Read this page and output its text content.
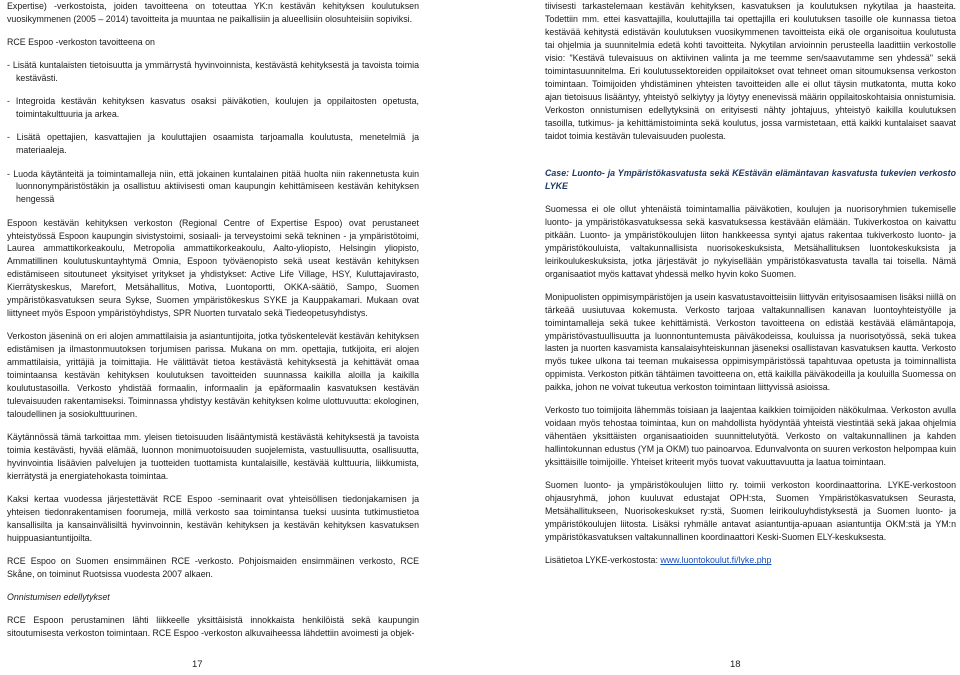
Expertise) -verkostoista, joiden tavoitteena on toteuttaa YK:n kestävän kehityksen koulutuksen vuosikymmenen (2005 – 2014) tavoitteita ja muuntaa ne paikallisiin ja alueellisiin olosuhteisiin sopiviksi.

RCE Espoo -verkoston tavoitteena on

- Lisätä kuntalaisten tietoisuutta ja ymmärrystä hyvinvoinnista, kestävästä kehityksestä ja tavoista toimia kestävästi.

- Integroida kestävän kehityksen kasvatus osaksi päiväkotien, koulujen ja oppilaitosten opetusta, toimintakulttuuria ja arkea.

- Lisätä opettajien, kasvattajien ja kouluttajien osaamista tarjoamalla koulutusta, menetelmiä ja materiaaleja.

- Luoda käytänteitä ja toimintamalleja niin, että jokainen kuntalainen pitää huolta niin rakennetusta kuin luonnonympäristöstäkin ja osallistuu aktiivisesti oman kaupungin kehittämiseen kestävän kehityksen hengessä

Espoon kestävän kehityksen verkoston (Regional Centre of Expertise Espoo) ovat perustaneet yhteistyössä Espoon kaupungin sivistystoimi, sosiaali- ja terveystoimi sekä tekninen - ja ympäristötoimi, Laurea ammattikorkeakoulu, Metropolia ammattikorkeakoulu, Aalto-yliopisto, Helsingin yliopisto, Ammatillinen koulutuskuntayhtymä Omnia, Espoon työväenopisto sekä useat kestävän kehityksen edistämiseen sitoutuneet yksityiset yritykset ja yhdistykset: Active Life Village, HSY, Kuluttajavirasto, Kierrätyskeskus, Marefort, Metsähallitus, Motiva, Luontoportti, OKKA-säätiö, Sampo, Suomen ympäristökasvatuksen seura Sykse, Suomen ympäristökeskus SYKE ja Kauppakamari. Mukaan ovat liittyneet myös Espoon ympäristöyhdistys, SPR Nuorten turvatalo sekä Tiedeopetusyhdistys.

Verkoston jäseninä on eri alojen ammattilaisia ja asiantuntijoita, jotka työskentelevät kestävän kehityksen edistämisen ja ilmastonmuutoksen torjumisen parissa. Mukana on mm. opettajia, tutkijoita, eri alojen ammattilaisia, yrittäjiä ja toimittajia. He välittävät tietoa kestävästä kehityksestä ja kehittävät omaa toimintaansa kestävän kehityksen koulutuksen tavoitteiden suunnassa kaikilla aloilla ja kaikilla koulutustasoilla. Verkosto yhdistää formaalin, informaalin ja epäformaalin kasvatuksen kestävän tulevaisuuden rakentamiseksi. Toiminnassa yhdistyy kestävän kehityksen kolme ulottuvuutta: ekologinen, taloudellinen ja sosiokulttuurinen.

Käytännössä tämä tarkoittaa mm. yleisen tietoisuuden lisääntymistä kestävästä kehityksestä ja tavoista toimia kestävästi, hyvää elämää, luonnon monimuotoisuuden suojelemista, vastuullisuutta, osallisuutta, hyvinvointia lisäävien palvelujen ja tuotteiden tuottamista kuntalaisille, kestävää kulttuuria, liikkumista, kierrätystä ja energiatehokasta toimintaa.

Kaksi kertaa vuodessa järjestettävät RCE Espoo -seminaarit ovat yhteisöllisen tiedonjakamisen ja yhteisen tiedonrakentamisen foorumeja, millä verkosto saa toimintansa tueksi uusinta tutkimustietoa kansallisilta ja kansainvälisiltä hyvinvoinnin, kestävän kehityksen ja kestävän kehityksen kasvatuksen huippuasiantuntijoilta.

RCE Espoo on Suomen ensimmäinen RCE -verkosto. Pohjoismaiden ensimmäinen verkosto, RCE Skåne, on toiminut Ruotsissa vuodesta 2007 alkaen.

Onnistumisen edellytykset

RCE Espoon perustaminen lähti liikkeelle yksittäisistä innokkaista henkilöistä sekä kaupungin sitoutumisesta verkoston toimintaan. RCE Espoo -verkoston alkuvaiheessa lähdettiin avoimesti ja objek-

17

tiivisesti tarkastelemaan kestävän kehityksen, kasvatuksen ja koulutuksen nykytilaa ja haasteita. Todettiin mm. ettei kasvattajilla, kouluttajilla tai opettajilla eri koulutuksen tasoille ole kunnassa tietoa kestävää kehitystä edistävän koulutuksen vuosikymmenen tavoitteista eikä ole organisoitua koulutusta tai ohjelmia ja suunnitelmia edetä kohti tavoitteita. Nykytilan arvioinnin perusteella laadittiin verkostolle visio: "Kestävä tulevaisuus on aktiivinen valinta ja me teemme sen/saavutamme sen yhdessä" sekä toimintasuunnitelma. Eri koulutussektoreiden oppilaitokset ovat tehneet oman sitoumuksensa verkoston toimintaan. Toimijoiden yhdistäminen yhteisten tavoitteiden alle ei ollut täysin mutkatonta, mutta koko ajan tietoisuus lisääntyy, yhteistyö selkiytyy ja löytyy enenevissä määrin oppilaitoskohtaisia onnistumisia. Verkoston onnistumisen edellytyksinä on erityisesti nähty johtajuus, yhteistyö kaikilla koulutuksen tasoilla, tutkimus- ja kehittämistoiminta sekä koulutus, jossa varmistetaan, että kaikki kuntalaiset saavat taidot toimia kestävän tulevaisuuden puolesta.

Case: Luonto- ja Ympäristökasvatusta sekä KEstävän elämäntavan kasvatusta tukevien verkosto LYKE

Suomessa ei ole ollut yhtenäistä toimintamallia päiväkotien, koulujen ja nuorisoryhmien tukemiselle luonto- ja ympäristökasvatuksessa sekä kasvatuksessa kestävään elämään. Tukiverkostoa on kaivattu pitkään. Luonto- ja ympäristökoulujen liiton hankkeessa syntyi ajatus rakentaa tukiverkosto luonto- ja ympäristökouluista, valtakunnallisista nuorisokeskuksista, Metsähallituksen luontokeskuksista ja leirikoulukeskuksista, jotka järjestävät jo nykyisellään ympäristökasvatusta tavalla tai toisella. Nämä organisaatiot myös kattavat yhdessä melko hyvin koko Suomen.

Monipuolisten oppimisympäristöjen ja usein kasvatustavoitteisiin liittyvän erityisosaamisen lisäksi niillä on tärkeää uusiutuvaa kokemusta. Verkosto tarjoaa valtakunnallisen kanavan luontoyhteistyölle ja toimintamalleja sekä tukee kehittämistä. Verkoston tavoitteena on edistää kestävää elämäntapoja, ympäristövastuullisuutta ja luonnontuntemusta päiväkodeissa, kouluissa ja nuorisotyössä, sekä tukea lasten ja nuorten kasvamista kansalaisyhteiskunnan jäseneksi osallistavan kasvatuksen kautta. Verkosto myös tukee ulkona tai teeman mukaisessa oppimisympäristössä tapahtuvaa opetusta ja toiminnallista oppimista. Verkoston pitkän tähtäimen tavoitteena on, että kaikilla päiväkodeilla ja kouluilla Suomessa on paikka, johon ne voivat tukeutua verkoston toimintaan liittyvissä asioissa.

Verkosto tuo toimijoita lähemmäs toisiaan ja laajentaa kaikkien toimijoiden näkökulmaa. Verkoston avulla voidaan myös tehostaa toimintaa, kun on mahdollista hyödyntää yhteistä viestintää sekä jakaa ohjelmia vähentäen yksittäisten organisaatioiden suunnittelutyötä. Verkosto on valtakunnallinen ja kahden hallintokunnan edustus (YM ja OKM) tuo painoarvoa. Edunvalvonta on suuren verkoston helpompaa kuin yksittäisille toimijoille. Yhteiset kriteerit myös tuovat vakuuttavuutta ja laatua toimintaan.

Suomen luonto- ja ympäristökoulujen liitto ry. toimii verkoston koordinaattorina. LYKE-verkostoon ohjausryhmä, johon kuuluvat edustajat OPH:sta, Suomen Ympäristökasvatuksen Seurasta, Metsähallitukseen, Nuorisokeskukset ry:stä, Suomen leirikouluyhdistyksestä ja Suomen luonto- ja ympäristökoulujen liitosta. Lisäksi ryhmälle antavat asiantuntija-apuaan asiantuntija OKM:stä ja YM:n ympäristökasvatuksen valtakunnallinen koordinaattori Keski-Suomen ELY-keskuksesta.

Lisätietoa LYKE-verkostosta: www.luontokoulut.fi/lyke.php

18
